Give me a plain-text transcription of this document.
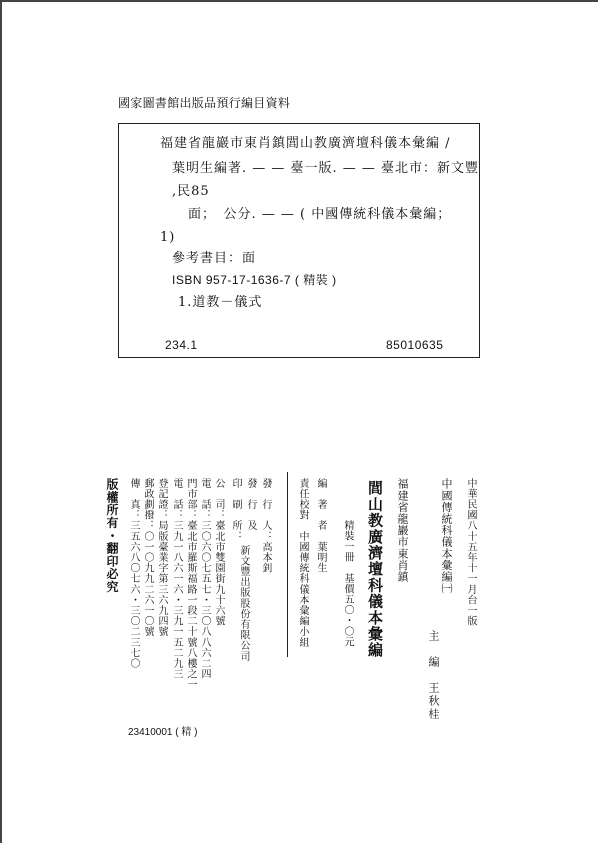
國家圖書館出版品預行編目資料
福建省龍巖市東肖鎮閭山教廣濟壇科儀本彙編 /
葉明生編著. — — 臺一版. — — 臺北市：新文豐
,民85
面；　公分. — — ( 中國傳統科儀本彙編；
1)
參考書目：面
ISBN 957-17-1636-7 ( 精裝 )
1.道教－儀式
234.1	85010635
中華民國八十五年十一月台一版
中國傳統科儀本彙編㈠
主　編　王秋桂
福建省龍巖市東肖鎮
閭山教廣濟壇科儀本彙編
精裝一冊　基價五〇・〇元
編　著　者　葉明生
責任校對　中國傳統科儀本彙編小組
發　行　人：高本釗
發　行　及
新文豐出版股份有限公司
印　刷　所：
公　司：臺北市雙園街九十六號
電　話：三〇六〇七五七・三〇八八六二四
門市部：臺北市羅斯福路一段二十號八樓之一
電　話：三九一八六一六・三九一五二九三
登記證：局版臺業字第三六九四號
郵政劃撥：〇一〇九九二六一〇號
傳　真：三五六八〇七六・三〇二三七〇
版權所有・翻印必究
23410001 ( 精 )
